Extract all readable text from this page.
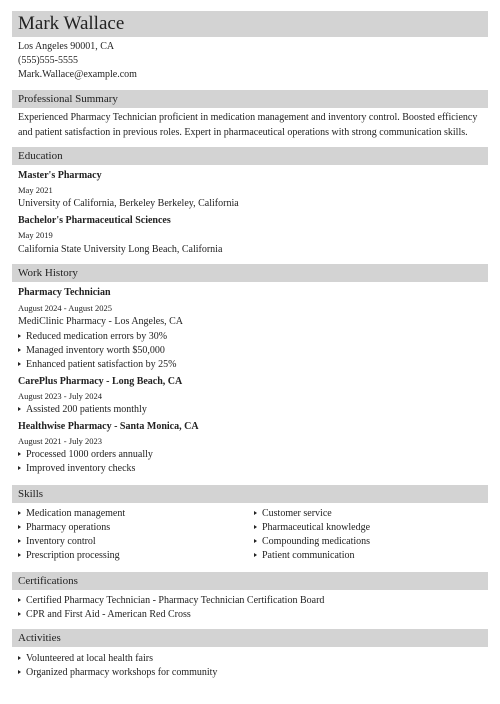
Mark Wallace
Los Angeles 90001, CA
(555)555-5555
Mark.Wallace@example.com
Professional Summary
Experienced Pharmacy Technician proficient in medication management and inventory control. Boosted efficiency and patient satisfaction in previous roles. Expert in pharmaceutical operations with strong communication skills.
Education
Master's Pharmacy
May 2021
University of California, Berkeley Berkeley, California
Bachelor's Pharmaceutical Sciences
May 2019
California State University Long Beach, California
Work History
Pharmacy Technician
August 2024 - August 2025
MediClinic Pharmacy - Los Angeles, CA
Reduced medication errors by 30%
Managed inventory worth $50,000
Enhanced patient satisfaction by 25%
CarePlus Pharmacy - Long Beach, CA
August 2023 - July 2024
Assisted 200 patients monthly
Healthwise Pharmacy - Santa Monica, CA
August 2021 - July 2023
Processed 1000 orders annually
Improved inventory checks
Skills
Medication management
Pharmacy operations
Inventory control
Prescription processing
Customer service
Pharmaceutical knowledge
Compounding medications
Patient communication
Certifications
Certified Pharmacy Technician - Pharmacy Technician Certification Board
CPR and First Aid - American Red Cross
Activities
Volunteered at local health fairs
Organized pharmacy workshops for community
